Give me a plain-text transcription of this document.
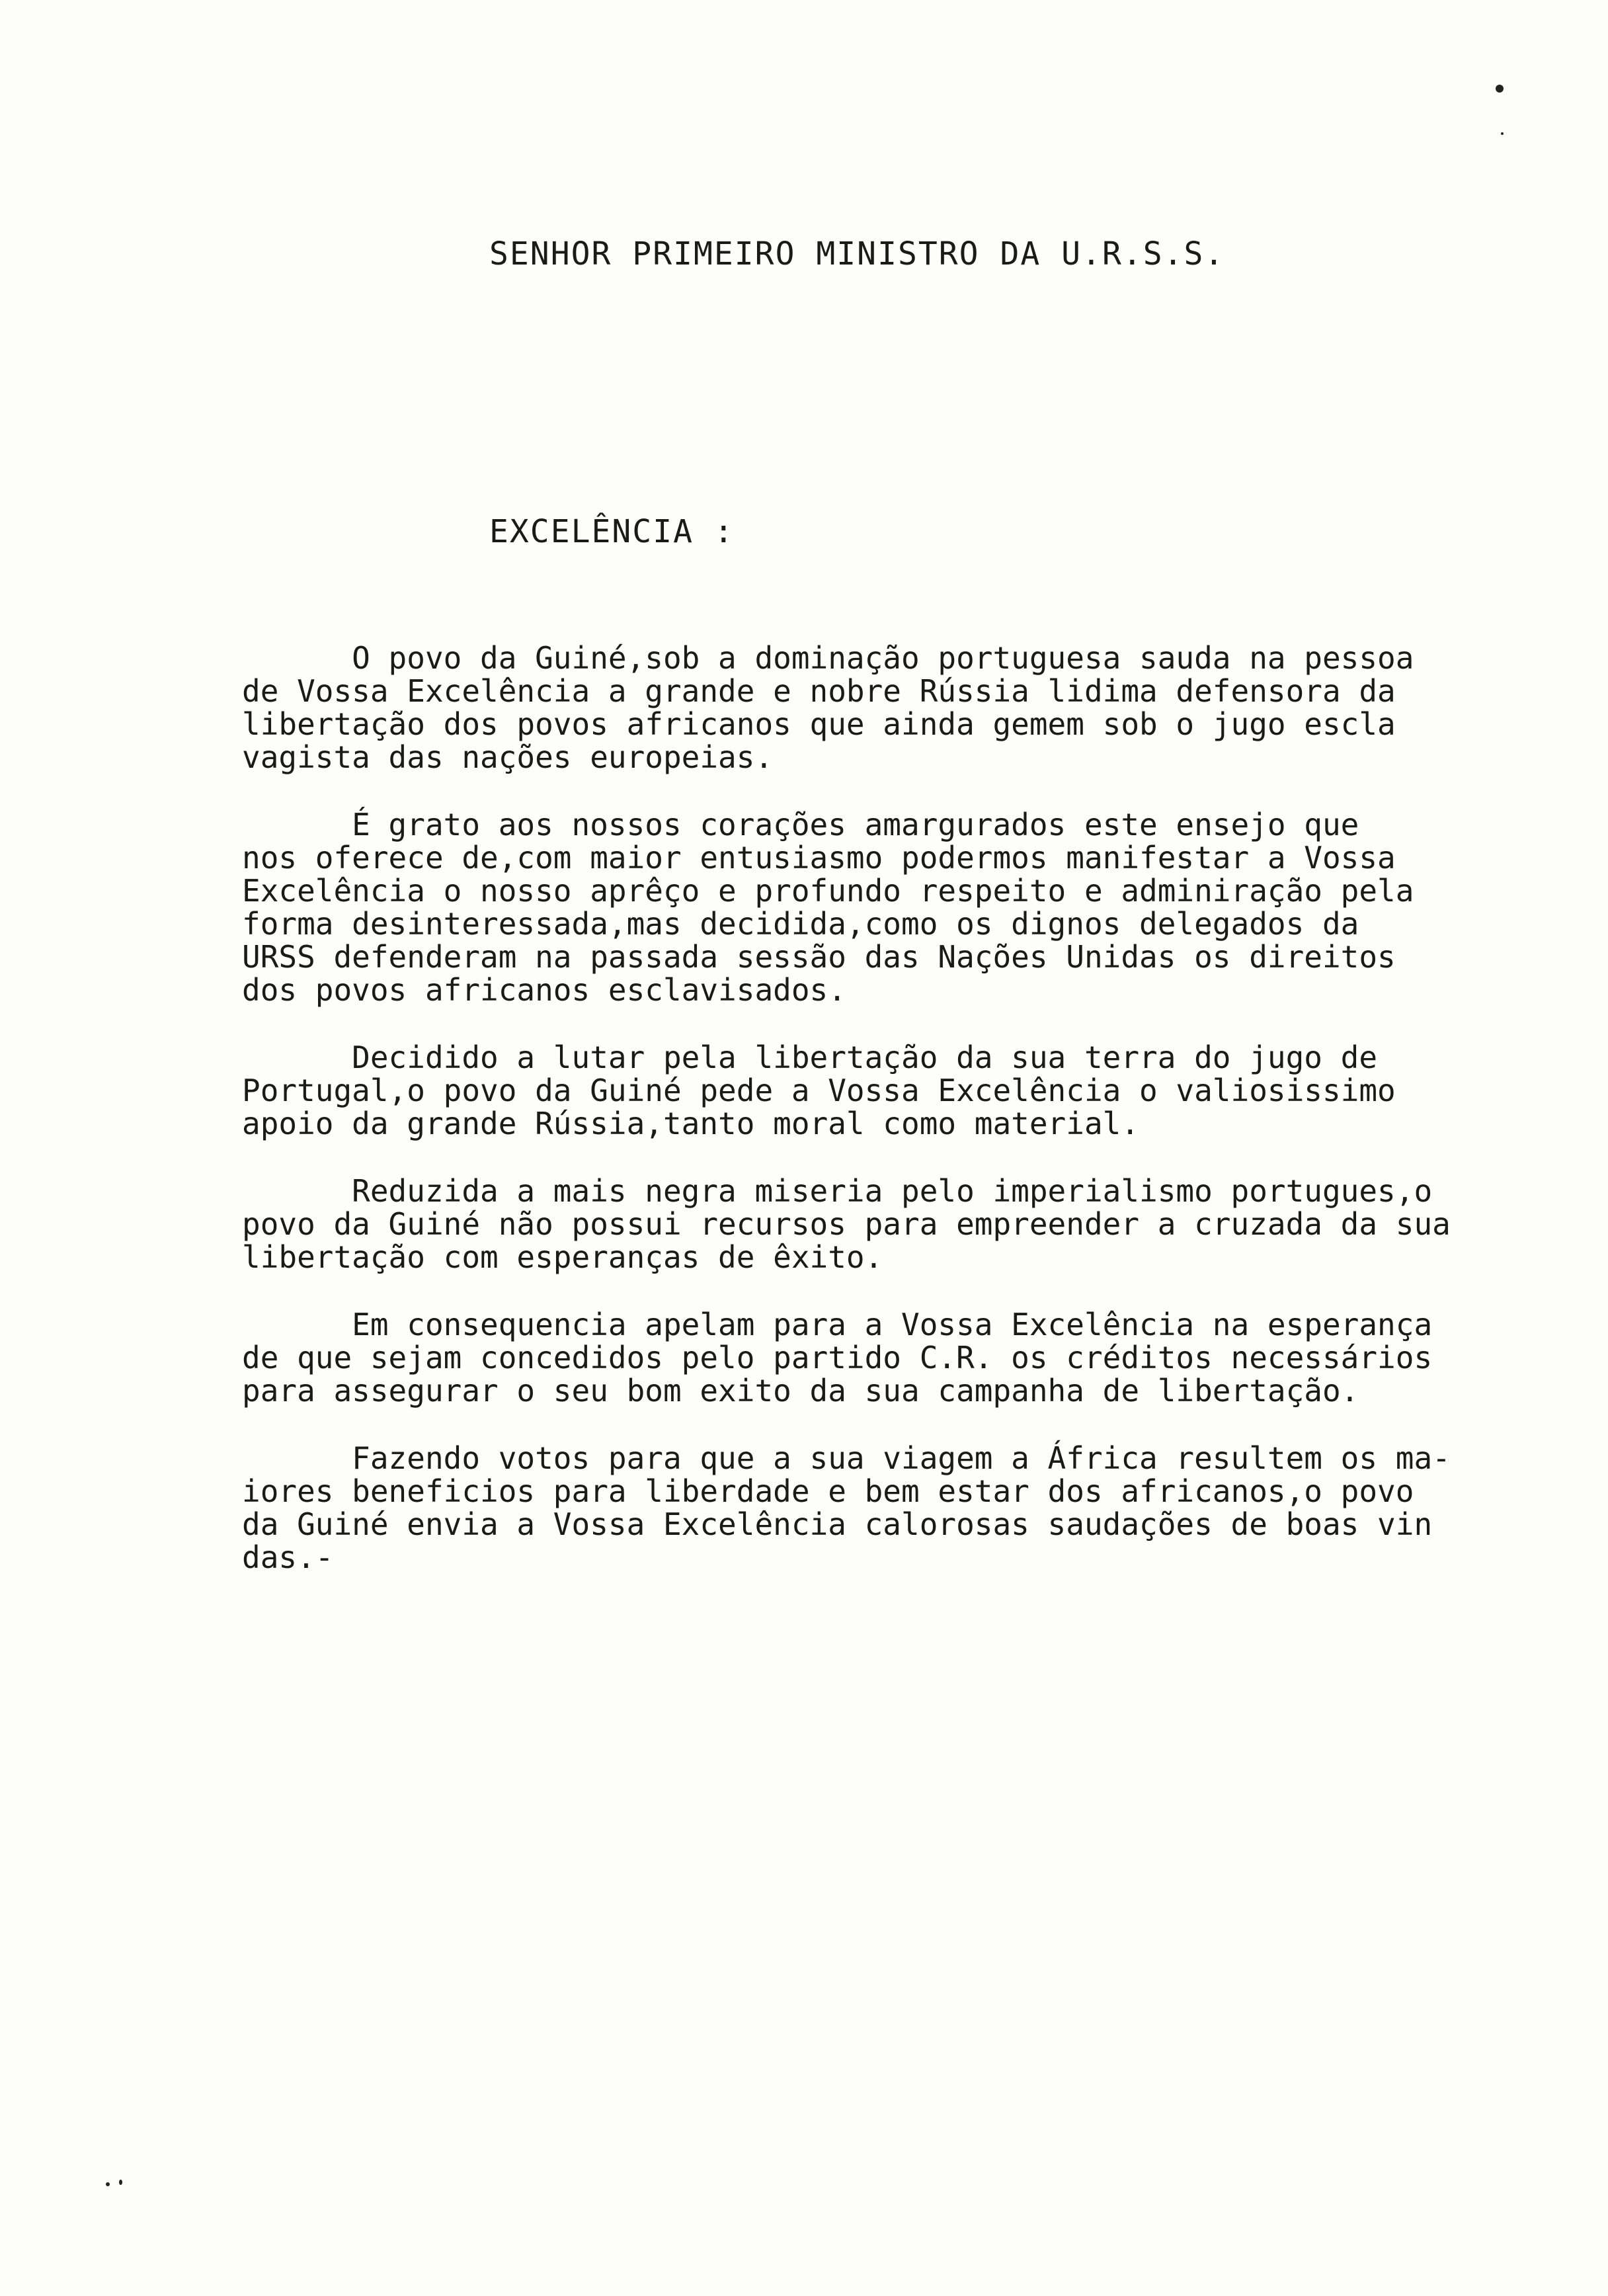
SENHOR PRIMEIRO MINISTRO DA U.R.S.S.
EXCELÊNCIA :
O povo da Guiné,sob a dominação portuguesa sauda na pessoa
de Vossa Excelência a grande e nobre Rússia lidima defensora da
libertação dos povos africanos que ainda gemem sob o jugo escla
vagista das nações europeias.
É grato aos nossos corações amargurados este ensejo que
nos oferece de,com maior entusiasmo podermos manifestar a Vossa
Excelência o nosso aprêço e profundo respeito e adminiração pela
forma desinteressada,mas decidida,como os dignos delegados da
URSS defenderam na passada sessão das Nações Unidas os direitos
dos povos africanos esclavisados.
Decidido a lutar pela libertação da sua terra do jugo de
Portugal,o povo da Guiné pede a Vossa Excelência o valiosissimo
apoio da grande Rússia,tanto moral como material.
Reduzida a mais negra miseria pelo imperialismo portugues,o
povo da Guiné não possui recursos para empreender a cruzada da sua
libertação com esperanças de êxito.
Em consequencia apelam para a Vossa Excelência na esperança
de que sejam concedidos pelo partido C.R. os créditos necessários
para assegurar o seu bom exito da sua campanha de libertação.
Fazendo votos para que a sua viagem a África resultem os ma-
iores beneficios para liberdade e bem estar dos africanos,o povo
da Guiné envia a Vossa Excelência calorosas saudações de boas vin
das.-
